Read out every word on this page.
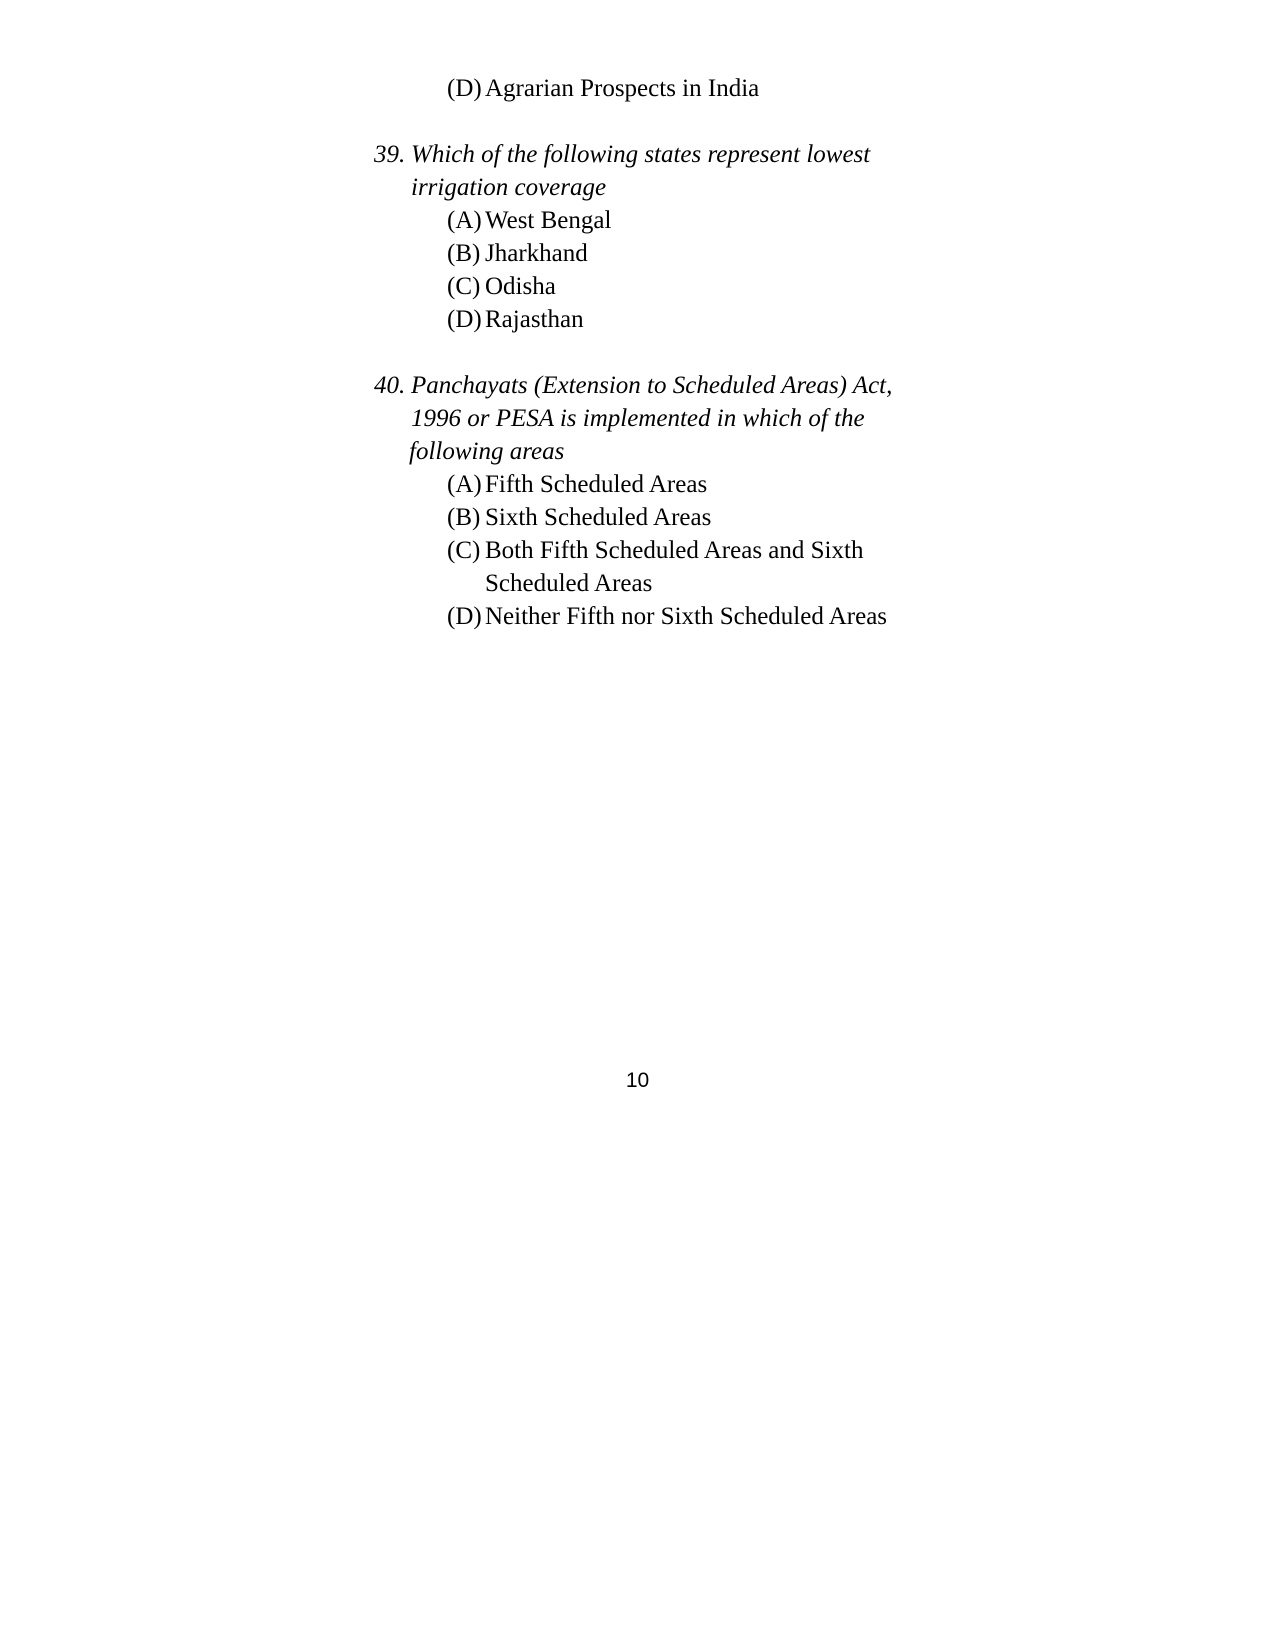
(D) Agrarian Prospects in India
39. Which of the following states represent lowest
irrigation coverage
(A) West Bengal
(B) Jharkhand
(C) Odisha
(D) Rajasthan
40. Panchayats (Extension to Scheduled Areas) Act,
1996 or PESA is implemented in which of the
following areas
(A) Fifth Scheduled Areas
(B) Sixth Scheduled Areas
(C) Both Fifth Scheduled Areas and Sixth
Scheduled Areas
(D) Neither Fifth nor Sixth Scheduled Areas
10
